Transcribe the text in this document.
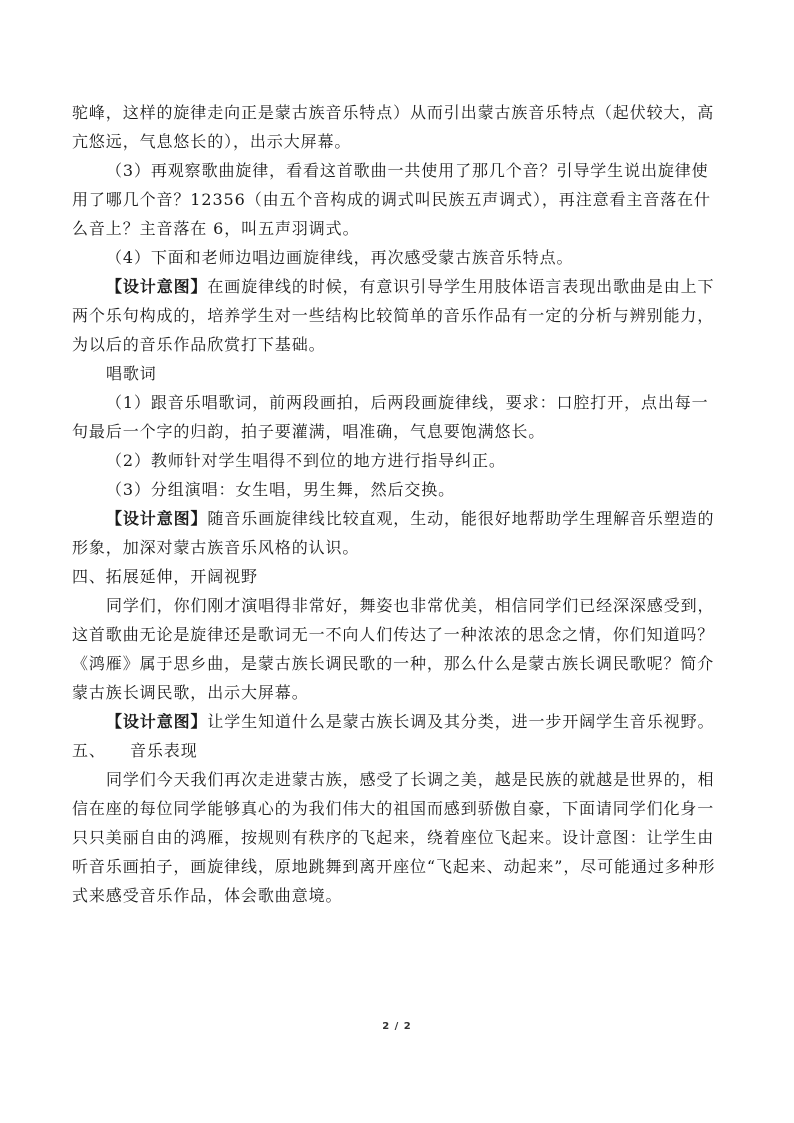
驼峰，这样的旋律走向正是蒙古族音乐特点）从而引出蒙古族音乐特点（起伏较大，高亢悠远，气息悠长的），出示大屏幕。

（3）再观察歌曲旋律，看看这首歌曲一共使用了那几个音？引导学生说出旋律使用了哪几个音？12356（由五个音构成的调式叫民族五声调式），再注意看主音落在什么音上？主音落在 6，叫五声羽调式。

（4）下面和老师边唱边画旋律线，再次感受蒙古族音乐特点。

【设计意图】在画旋律线的时候，有意识引导学生用肢体语言表现出歌曲是由上下两个乐句构成的，培养学生对一些结构比较简单的音乐作品有一定的分析与辨别能力，为以后的音乐作品欣赏打下基础。

唱歌词

（1）跟音乐唱歌词，前两段画拍，后两段画旋律线，要求：口腔打开，点出每一句最后一个字的归韵，拍子要灌满，唱准确，气息要饱满悠长。

（2）教师针对学生唱得不到位的地方进行指导纠正。

（3）分组演唱：女生唱，男生舞，然后交换。

【设计意图】随音乐画旋律线比较直观，生动，能很好地帮助学生理解音乐塑造的形象，加深对蒙古族音乐风格的认识。

四、拓展延伸，开阔视野

同学们，你们刚才演唱得非常好，舞姿也非常优美，相信同学们已经深深感受到，这首歌曲无论是旋律还是歌词无一不向人们传达了一种浓浓的思念之情，你们知道吗？《鸿雁》属于思乡曲，是蒙古族长调民歌的一种，那么什么是蒙古族长调民歌呢？简介蒙古族长调民歌，出示大屏幕。

【设计意图】让学生知道什么是蒙古族长调及其分类，进一步开阔学生音乐视野。

五、 音乐表现

同学们今天我们再次走进蒙古族，感受了长调之美，越是民族的就越是世界的，相信在座的每位同学能够真心的为我们伟大的祖国而感到骄傲自豪，下面请同学们化身一只只美丽自由的鸿雁，按规则有秩序的飞起来，绕着座位飞起来。设计意图：让学生由听音乐画拍子，画旋律线，原地跳舞到离开座位“飞起来、动起来”，尽可能通过多种形式来感受音乐作品，体会歌曲意境。

2 / 2
